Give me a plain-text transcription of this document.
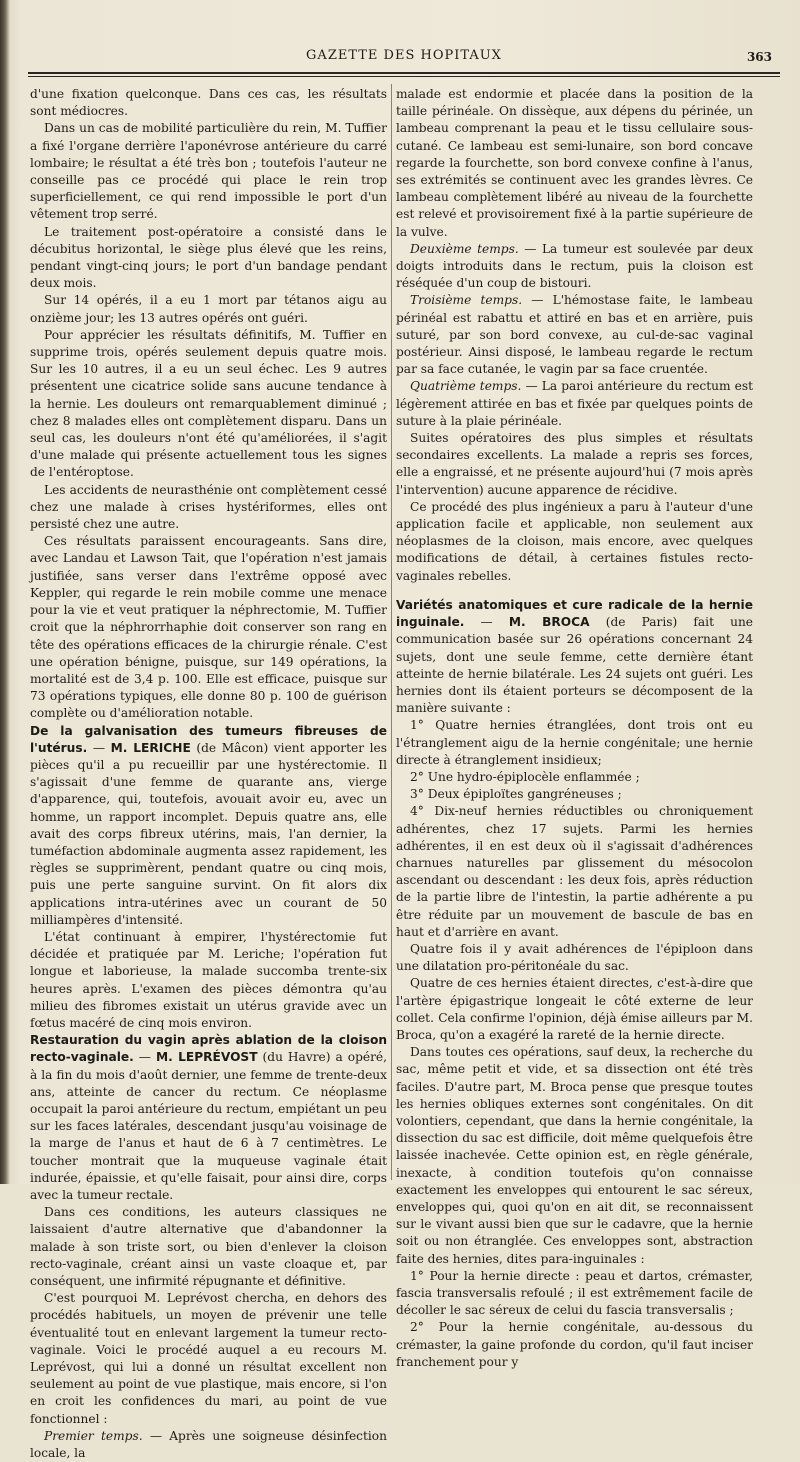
GAZETTE DES HOPITAUX	363

d'une fixation quelconque. Dans ces cas, les résultats sont médiocres.

Dans un cas de mobilité particulière du rein, M. Tuffier a fixé l'organe derrière l'aponévrose antérieure du carré lombaire; le résultat a été très bon ; toutefois l'auteur ne conseille pas ce procédé qui place le rein trop superficiellement, ce qui rend impossible le port d'un vêtement trop serré.

Le traitement post-opératoire a consisté dans le décubitus horizontal, le siège plus élevé que les reins, pendant vingt-cinq jours; le port d'un bandage pendant deux mois.

Sur 14 opérés, il a eu 1 mort par tétanos aigu au onzième jour; les 13 autres opérés ont guéri.

Pour apprécier les résultats définitifs, M. Tuffier en supprime trois, opérés seulement depuis quatre mois. Sur les 10 autres, il a eu un seul échec. Les 9 autres présentent une cicatrice solide sans aucune tendance à la hernie. Les douleurs ont remarquablement diminué ; chez 8 malades elles ont complètement disparu. Dans un seul cas, les douleurs n'ont été qu'améliorées, il s'agit d'une malade qui présente actuellement tous les signes de l'entéroptose.

Les accidents de neurasthénie ont complètement cessé chez une malade à crises hystériformes, elles ont persisté chez une autre.

Ces résultats paraissent encourageants. Sans dire, avec Landau et Lawson Tait, que l'opération n'est jamais justifiée, sans verser dans l'extrême opposé avec Keppler, qui regarde le rein mobile comme une menace pour la vie et veut pratiquer la néphrectomie, M. Tuffier croit que la néphrorrhaphie doit conserver son rang en tête des opérations efficaces de la chirurgie rénale. C'est une opération bénigne, puisque, sur 149 opérations, la mortalité est de 3,4 p. 100. Elle est efficace, puisque sur 73 opérations typiques, elle donne 80 p. 100 de guérison complète ou d'amélioration notable.

De la galvanisation des tumeurs fibreuses de l'utérus. — M. LERICHE (de Mâcon) vient apporter les pièces qu'il a pu recueillir par une hystérectomie. Il s'agissait d'une femme de quarante ans, vierge d'apparence, qui, toutefois, avouait avoir eu, avec un homme, un rapport incomplet. Depuis quatre ans, elle avait des corps fibreux utérins, mais, l'an dernier, la tuméfaction abdominale augmenta assez rapidement, les règles se supprimèrent, pendant quatre ou cinq mois, puis une perte sanguine survint. On fit alors dix applications intra-utérines avec un courant de 50 milliampères d'intensité.

L'état continuant à empirer, l'hystérectomie fut décidée et pratiquée par M. Leriche; l'opération fut longue et laborieuse, la malade succomba trente-six heures après. L'examen des pièces démontra qu'au milieu des fibromes existait un utérus gravide avec un fœtus macéré de cinq mois environ.

Restauration du vagin après ablation de la cloison recto-vaginale. — M. LEPRÉVOST (du Havre) a opéré, à la fin du mois d'août dernier, une femme de trente-deux ans, atteinte de cancer du rectum. Ce néoplasme occupait la paroi antérieure du rectum, empiétant un peu sur les faces latérales, descendant jusqu'au voisinage de la marge de l'anus et haut de 6 à 7 centimètres. Le toucher montrait que la muqueuse vaginale était indurée, épaissie, et qu'elle faisait, pour ainsi dire, corps avec la tumeur rectale.

Dans ces conditions, les auteurs classiques ne laissaient d'autre alternative que d'abandonner la malade à son triste sort, ou bien d'enlever la cloison recto-vaginale, créant ainsi un vaste cloaque et, par conséquent, une infirmité répugnante et définitive.

C'est pourquoi M. Leprévost chercha, en dehors des procédés habituels, un moyen de prévenir une telle éventualité tout en enlevant largement la tumeur recto-vaginale. Voici le procédé auquel a eu recours M. Leprévost, qui lui a donné un résultat excellent non seulement au point de vue plastique, mais encore, si l'on en croit les confidences du mari, au point de vue fonctionnel :

Premier temps. — Après une soigneuse désinfection locale, la

malade est endormie et placée dans la position de la taille périnéale. On dissèque, aux dépens du périnée, un lambeau comprenant la peau et le tissu cellulaire sous-cutané. Ce lambeau est semi-lunaire, son bord concave regarde la fourchette, son bord convexe confine à l'anus, ses extrémités se continuent avec les grandes lèvres. Ce lambeau complètement libéré au niveau de la fourchette est relevé et provisoirement fixé à la partie supérieure de la vulve.

Deuxième temps. — La tumeur est soulevée par deux doigts introduits dans le rectum, puis la cloison est réséquée d'un coup de bistouri.

Troisième temps. — L'hémostase faite, le lambeau périnéal est rabattu et attiré en bas et en arrière, puis suturé, par son bord convexe, au cul-de-sac vaginal postérieur. Ainsi disposé, le lambeau regarde le rectum par sa face cutanée, le vagin par sa face cruentée.

Quatrième temps. — La paroi antérieure du rectum est légèrement attirée en bas et fixée par quelques points de suture à la plaie périnéale.

Suites opératoires des plus simples et résultats secondaires excellents. La malade a repris ses forces, elle a engraissé, et ne présente aujourd'hui (7 mois après l'intervention) aucune apparence de récidive.

Ce procédé des plus ingénieux a paru à l'auteur d'une application facile et applicable, non seulement aux néoplasmes de la cloison, mais encore, avec quelques modifications de détail, à certaines fistules recto-vaginales rebelles.

Variétés anatomiques et cure radicale de la hernie inguinale. — M. BROCA (de Paris) fait une communication basée sur 26 opérations concernant 24 sujets, dont une seule femme, cette dernière étant atteinte de hernie bilatérale. Les 24 sujets ont guéri. Les hernies dont ils étaient porteurs se décomposent de la manière suivante :

1° Quatre hernies étranglées, dont trois ont eu l'étranglement aigu de la hernie congénitale; une hernie directe à étranglement insidieux;

2° Une hydro-épiplocèle enflammée ;

3° Deux épiploïtes gangréneuses ;

4° Dix-neuf hernies réductibles ou chroniquement adhérentes, chez 17 sujets. Parmi les hernies adhérentes, il en est deux où il s'agissait d'adhérences charnues naturelles par glissement du mésocolon ascendant ou descendant : les deux fois, après réduction de la partie libre de l'intestin, la partie adhérente a pu être réduite par un mouvement de bascule de bas en haut et d'arrière en avant.

Quatre fois il y avait adhérences de l'épiploon dans une dilatation pro-péritonéale du sac.

Quatre de ces hernies étaient directes, c'est-à-dire que l'artère épigastrique longeait le côté externe de leur collet. Cela confirme l'opinion, déjà émise ailleurs par M. Broca, qu'on a exagéré la rareté de la hernie directe.

Dans toutes ces opérations, sauf deux, la recherche du sac, même petit et vide, et sa dissection ont été très faciles. D'autre part, M. Broca pense que presque toutes les hernies obliques externes sont congénitales. On dit volontiers, cependant, que dans la hernie congénitale, la dissection du sac est difficile, doit même quelquefois être laissée inachevée. Cette opinion est, en règle générale, inexacte, à condition toutefois qu'on connaisse exactement les enveloppes qui entourent le sac séreux, enveloppes qui, quoi qu'on en ait dit, se reconnaissent sur le vivant aussi bien que sur le cadavre, que la hernie soit ou non étranglée. Ces enveloppes sont, abstraction faite des hernies, dites para-inguinales :

1° Pour la hernie directe : peau et dartos, crémaster, fascia transversalis refoulé ; il est extrêmement facile de décoller le sac séreux de celui du fascia transversalis ;

2° Pour la hernie congénitale, au-dessous du crémaster, la gaine profonde du cordon, qu'il faut inciser franchement pour y
